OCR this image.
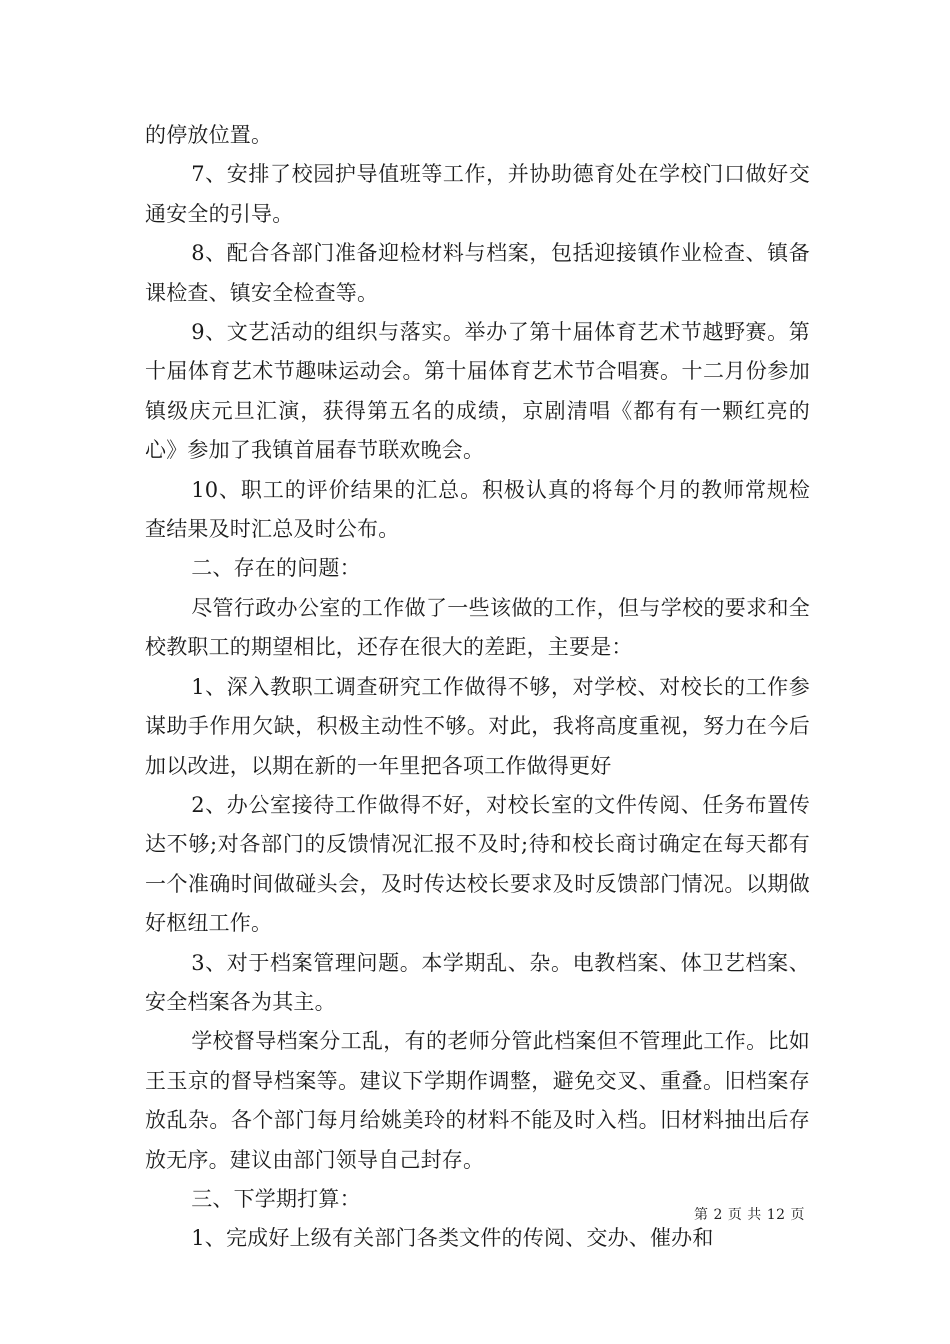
的停放位置。

7、安排了校园护导值班等工作，并协助德育处在学校门口做好交通安全的引导。

8、配合各部门准备迎检材料与档案，包括迎接镇作业检查、镇备课检查、镇安全检查等。

9、文艺活动的组织与落实。举办了第十届体育艺术节越野赛。第十届体育艺术节趣味运动会。第十届体育艺术节合唱赛。十二月份参加镇级庆元旦汇演，获得第五名的成绩，京剧清唱《都有有一颗红亮的心》参加了我镇首届春节联欢晚会。

10、职工的评价结果的汇总。积极认真的将每个月的教师常规检查结果及时汇总及时公布。

二、存在的问题：

尽管行政办公室的工作做了一些该做的工作，但与学校的要求和全校教职工的期望相比，还存在很大的差距，主要是：

1、深入教职工调查研究工作做得不够，对学校、对校长的工作参谋助手作用欠缺，积极主动性不够。对此，我将高度重视，努力在今后加以改进，以期在新的一年里把各项工作做得更好

2、办公室接待工作做得不好，对校长室的文件传阅、任务布置传达不够;对各部门的反馈情况汇报不及时;待和校长商讨确定在每天都有一个准确时间做碰头会，及时传达校长要求及时反馈部门情况。以期做好枢纽工作。

3、对于档案管理问题。本学期乱、杂。电教档案、体卫艺档案、安全档案各为其主。

学校督导档案分工乱，有的老师分管此档案但不管理此工作。比如王玉京的督导档案等。建议下学期作调整，避免交叉、重叠。旧档案存放乱杂。各个部门每月给姚美玲的材料不能及时入档。旧材料抽出后存放无序。建议由部门领导自己封存。

三、下学期打算：

1、完成好上级有关部门各类文件的传阅、交办、催办和

第 2 页 共 12 页
